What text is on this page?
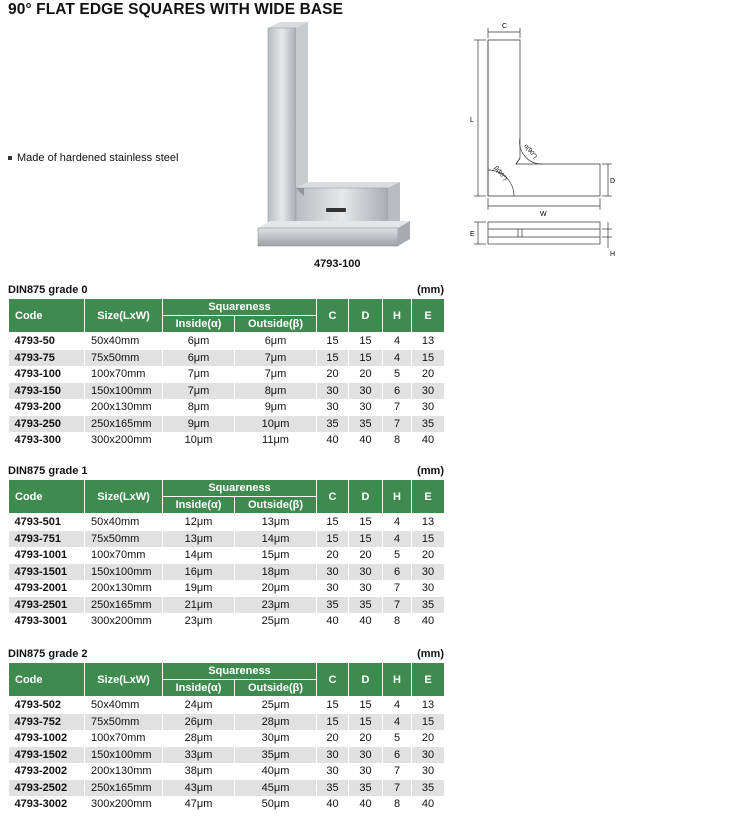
90° FLAT EDGE SQUARES WITH WIDE BASE
Made of hardened stainless steel
4793-100
C
L
D
W
E
H
α(90°)
β(90°)
DIN875 grade 0	(mm)
Code	Size(LxW)	Squareness		C	D	H	E
		Inside(α)	Outside(β)				
4793-50	50x40mm	6μm	6μm	15	15	4	13
4793-75	75x50mm	6μm	7μm	15	15	4	15
4793-100	100x70mm	7μm	7μm	20	20	5	20
4793-150	150x100mm	7μm	8μm	30	30	6	30
4793-200	200x130mm	8μm	9μm	30	30	7	30
4793-250	250x165mm	9μm	10μm	35	35	7	35
4793-300	300x200mm	10μm	11μm	40	40	8	40
DIN875 grade 1	(mm)
Code	Size(LxW)	Squareness		C	D	H	E
		Inside(α)	Outside(β)				
4793-501	50x40mm	12μm	13μm	15	15	4	13
4793-751	75x50mm	13μm	14μm	15	15	4	15
4793-1001	100x70mm	14μm	15μm	20	20	5	20
4793-1501	150x100mm	16μm	18μm	30	30	6	30
4793-2001	200x130mm	19μm	20μm	30	30	7	30
4793-2501	250x165mm	21μm	23μm	35	35	7	35
4793-3001	300x200mm	23μm	25μm	40	40	8	40
DIN875 grade 2	(mm)
Code	Size(LxW)	Squareness		C	D	H	E
		Inside(α)	Outside(β)				
4793-502	50x40mm	24μm	25μm	15	15	4	13
4793-752	75x50mm	26μm	28μm	15	15	4	15
4793-1002	100x70mm	28μm	30μm	20	20	5	20
4793-1502	150x100mm	33μm	35μm	30	30	6	30
4793-2002	200x130mm	38μm	40μm	30	30	7	30
4793-2502	250x165mm	43μm	45μm	35	35	7	35
4793-3002	300x200mm	47μm	50μm	40	40	8	40
